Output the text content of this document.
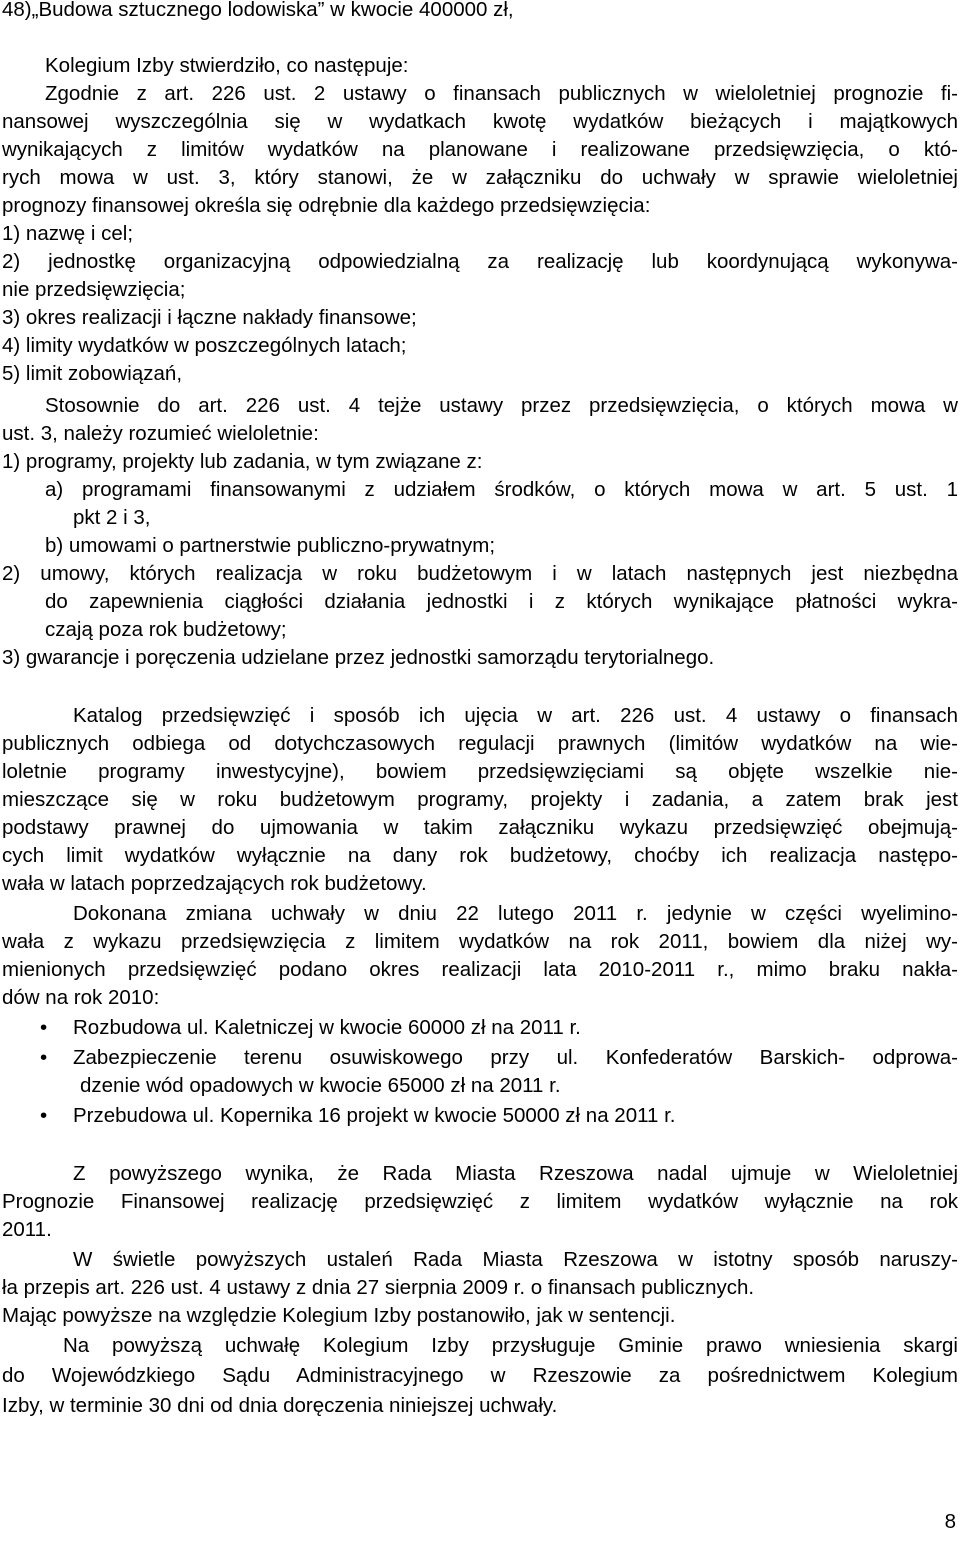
48)„Budowa sztucznego lodowiska” w kwocie 400000 zł,

Kolegium Izby stwierdziło, co następuje:

Zgodnie z art. 226 ust. 2 ustawy o finansach publicznych w wieloletniej prognozie fi-

nansowej wyszczególnia się w wydatkach kwotę wydatków bieżących i majątkowych

wynikających z limitów wydatków na planowane i realizowane przedsięwzięcia, o któ-

rych mowa w ust. 3, który stanowi, że w załączniku do uchwały w sprawie wieloletniej

prognozy finansowej określa się odrębnie dla każdego przedsięwzięcia:

1) nazwę i cel;

2) jednostkę organizacyjną odpowiedzialną za realizację lub koordynującą wykonywa-

nie przedsięwzięcia;

3) okres realizacji i łączne nakłady finansowe;

4) limity wydatków w poszczególnych latach;

5) limit zobowiązań,

Stosownie do art. 226 ust. 4 tejże ustawy przez przedsięwzięcia, o których mowa w

ust. 3, należy rozumieć wieloletnie:

1) programy, projekty lub zadania, w tym związane z:

a) programami finansowanymi z udziałem środków, o których mowa w art. 5 ust. 1

pkt 2 i 3,

b) umowami o partnerstwie publiczno-prywatnym;

2) umowy, których realizacja w roku budżetowym i w latach następnych jest niezbędna

do zapewnienia ciągłości działania jednostki i z których wynikające płatności wykra-

czają poza rok budżetowy;

3) gwarancje i poręczenia udzielane przez jednostki samorządu terytorialnego.

Katalog przedsięwzięć i sposób ich ujęcia w art. 226 ust. 4 ustawy o finansach

publicznych odbiega od dotychczasowych regulacji prawnych (limitów wydatków na wie-

loletnie programy inwestycyjne), bowiem przedsięwzięciami są objęte wszelkie nie-

mieszczące się w roku budżetowym programy, projekty i zadania, a zatem brak jest

podstawy prawnej do ujmowania w takim załączniku wykazu przedsięwzięć obejmują-

cych limit wydatków wyłącznie na dany rok budżetowy, choćby ich realizacja następo-

wała w latach poprzedzających rok budżetowy.

Dokonana zmiana uchwały w dniu 22 lutego 2011 r. jedynie w części wyelimino-

wała z wykazu przedsięwzięcia z limitem wydatków na rok 2011, bowiem dla niżej wy-

mienionych przedsięwzięć podano okres realizacji lata 2010-2011 r., mimo braku nakła-

dów na rok 2010:

• Rozbudowa ul. Kaletniczej w kwocie 60000 zł na 2011 r.

• Zabezpieczenie terenu osuwiskowego przy ul. Konfederatów Barskich- odprowa-

dzenie wód opadowych w kwocie 65000 zł na 2011 r.

• Przebudowa ul. Kopernika 16 projekt w kwocie 50000 zł na 2011 r.

Z powyższego wynika, że Rada Miasta Rzeszowa nadal ujmuje w Wieloletniej

Prognozie Finansowej realizację przedsięwzięć z limitem wydatków wyłącznie na rok

2011.

W świetle powyższych ustaleń Rada Miasta Rzeszowa w istotny sposób naruszy-

ła przepis art. 226 ust. 4 ustawy z dnia 27 sierpnia 2009 r. o finansach publicznych.

Mając powyższe na względzie Kolegium Izby postanowiło, jak w sentencji.

Na powyższą uchwałę Kolegium Izby przysługuje Gminie prawo wniesienia skargi

do Wojewódzkiego Sądu Administracyjnego w Rzeszowie za pośrednictwem Kolegium

Izby, w terminie 30 dni od dnia doręczenia niniejszej uchwały.

8
